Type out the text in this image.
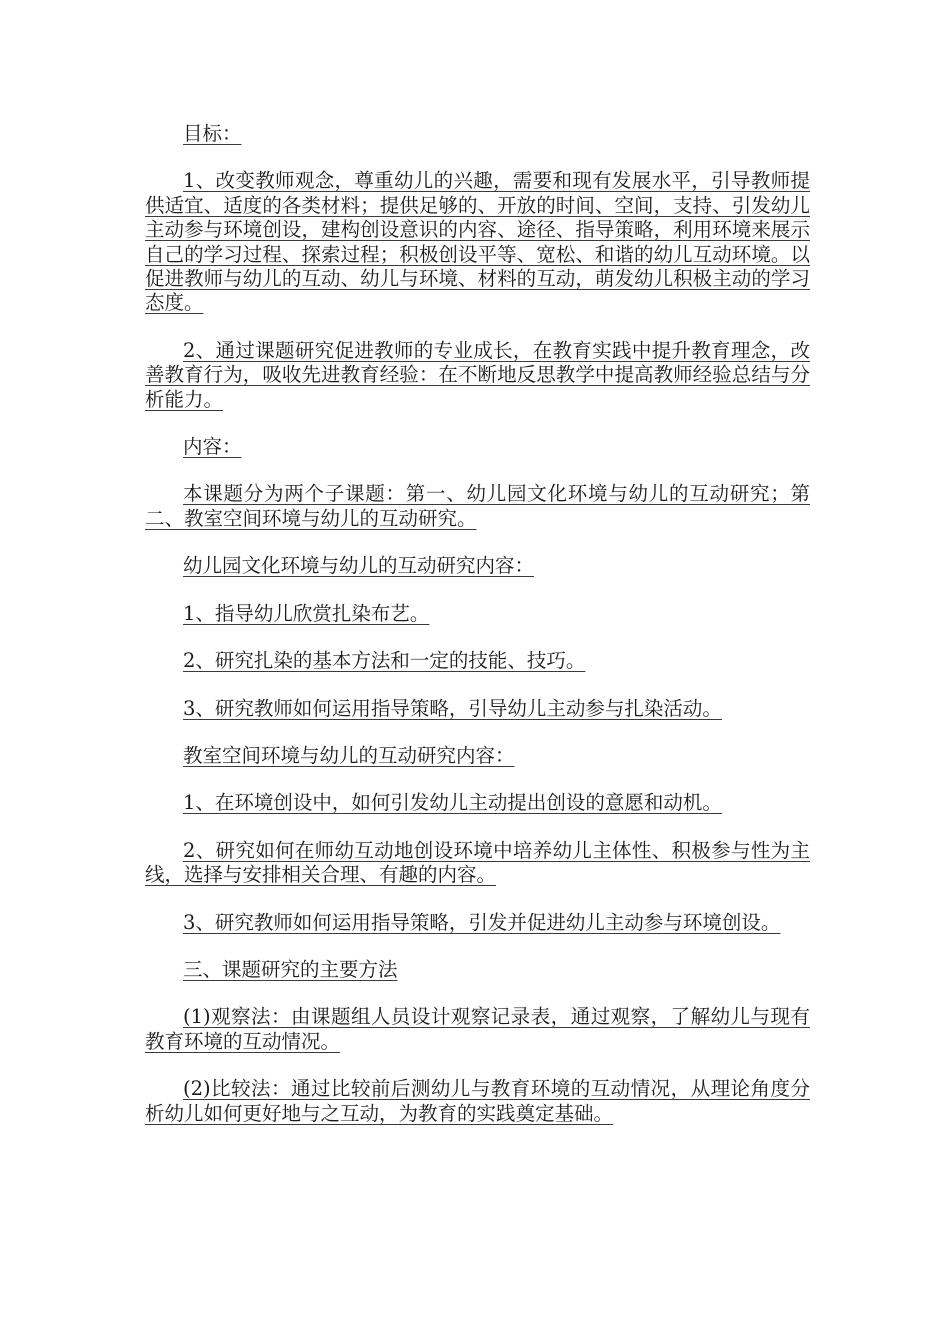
目标：

1、改变教师观念，尊重幼儿的兴趣，需要和现有发展水平，引导教师提供适宜、适度的各类材料；提供足够的、开放的时间、空间，支持、引发幼儿主动参与环境创设，建构创设意识的内容、途径、指导策略，利用环境来展示自己的学习过程、探索过程；积极创设平等、宽松、和谐的幼儿互动环境。以促进教师与幼儿的互动、幼儿与环境、材料的互动，萌发幼儿积极主动的学习态度。

2、通过课题研究促进教师的专业成长，在教育实践中提升教育理念，改善教育行为，吸收先进教育经验：在不断地反思教学中提高教师经验总结与分析能力。

内容：

本课题分为两个子课题：第一、幼儿园文化环境与幼儿的互动研究；第二、教室空间环境与幼儿的互动研究。

幼儿园文化环境与幼儿的互动研究内容：

1、指导幼儿欣赏扎染布艺。

2、研究扎染的基本方法和一定的技能、技巧。

3、研究教师如何运用指导策略，引导幼儿主动参与扎染活动。

教室空间环境与幼儿的互动研究内容：

1、在环境创设中，如何引发幼儿主动提出创设的意愿和动机。

2、研究如何在师幼互动地创设环境中培养幼儿主体性、积极参与性为主线，选择与安排相关合理、有趣的内容。

3、研究教师如何运用指导策略，引发并促进幼儿主动参与环境创设。

三、课题研究的主要方法

(1)观察法：由课题组人员设计观察记录表，通过观察，了解幼儿与现有教育环境的互动情况。

(2)比较法：通过比较前后测幼儿与教育环境的互动情况，从理论角度分析幼儿如何更好地与之互动，为教育的实践奠定基础。
